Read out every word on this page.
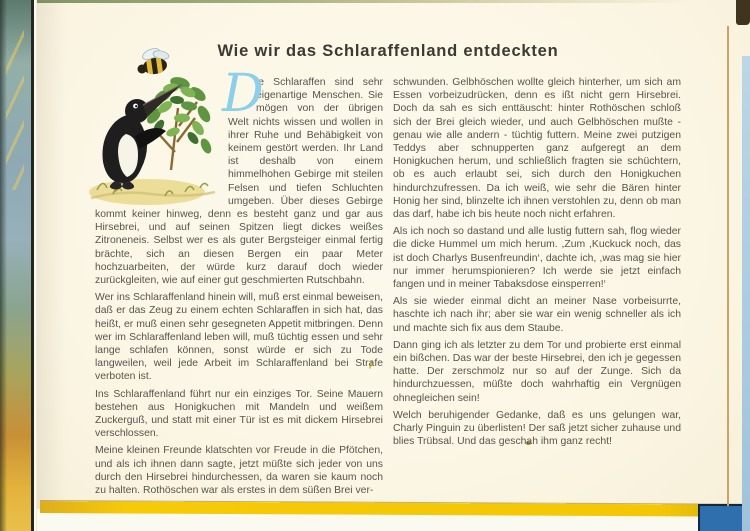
Wie wir das Schlaraffenland entdeckten

D
ie Schlaraffen sind sehr eigenartige Menschen. Sie mögen von der übrigen Welt nichts wissen und wollen in ihrer Ruhe und Behäbigkeit von keinem gestört werden. Ihr Land ist deshalb von einem himmelhohen Gebirge mit steilen Felsen und tiefen Schluchten umgeben. Über dieses Gebirge kommt keiner hinweg, denn es besteht ganz und gar aus Hirsebrei, und auf seinen Spitzen liegt dickes weißes Zitroneneis. Selbst wer es als guter Bergsteiger einmal fertig brächte, sich an diesen Bergen ein paar Meter hochzuarbeiten, der würde kurz darauf doch wieder zurückgleiten, wie auf einer gut geschmierten Rutschbahn.

Wer ins Schlaraffenland hinein will, muß erst einmal beweisen, daß er das Zeug zu einem echten Schlaraffen in sich hat, das heißt, er muß einen sehr gesegneten Appetit mitbringen. Denn wer im Schlaraffenland leben will, muß tüchtig essen und sehr lange schlafen können, sonst würde er sich zu Tode langweilen, weil jede Arbeit im Schlaraffenland bei Strafe verboten ist.

Ins Schlaraffenland führt nur ein einziges Tor. Seine Mauern bestehen aus Honigkuchen mit Mandeln und weißem Zuckerguß, und statt mit einer Tür ist es mit dickem Hirsebrei verschlossen.

Meine kleinen Freunde klatschten vor Freude in die Pfötchen, und als ich ihnen dann sagte, jetzt müßte sich jeder von uns durch den Hirsebrei hindurchessen, da waren sie kaum noch zu halten. Rothöschen war als erstes in dem süßen Brei ver-

schwunden. Gelbhöschen wollte gleich hinterher, um sich am Essen vorbeizudrücken, denn es ißt nicht gern Hirsebrei. Doch da sah es sich enttäuscht: hinter Rothöschen schloß sich der Brei gleich wieder, und auch Gelbhöschen mußte - genau wie alle andern - tüchtig futtern. Meine zwei putzigen Teddys aber schnupperten ganz aufgeregt an dem Honigkuchen herum, und schließlich fragten sie schüchtern, ob es auch erlaubt sei, sich durch den Honigkuchen hindurchzufressen. Da ich weiß, wie sehr die Bären hinter Honig her sind, blinzelte ich ihnen verstohlen zu, denn ob man das darf, habe ich bis heute noch nicht erfahren.

Als ich noch so dastand und alle lustig futtern sah, flog wieder die dicke Hummel um mich herum. ,Zum ,Kuckuck noch, das ist doch Charlys Busenfreundin‘, dachte ich, ,was mag sie hier nur immer herumspionieren? Ich werde sie jetzt einfach fangen und in meiner Tabaksdose einsperren!‘

Als sie wieder einmal dicht an meiner Nase vorbeisurrte, haschte ich nach ihr; aber sie war ein wenig schneller als ich und machte sich fix aus dem Staube.

Dann ging ich als letzter zu dem Tor und probierte erst einmal ein bißchen. Das war der beste Hirsebrei, den ich je gegessen hatte. Der zerschmolz nur so auf der Zunge. Sich da hindurchzuessen, müßte doch wahrhaftig ein Vergnügen ohnegleichen sein!

Welch beruhigender Gedanke, daß es uns gelungen war, Charly Pinguin zu überlisten! Der saß jetzt sicher zuhause und blies Trübsal. Und das geschah ihm ganz recht!
